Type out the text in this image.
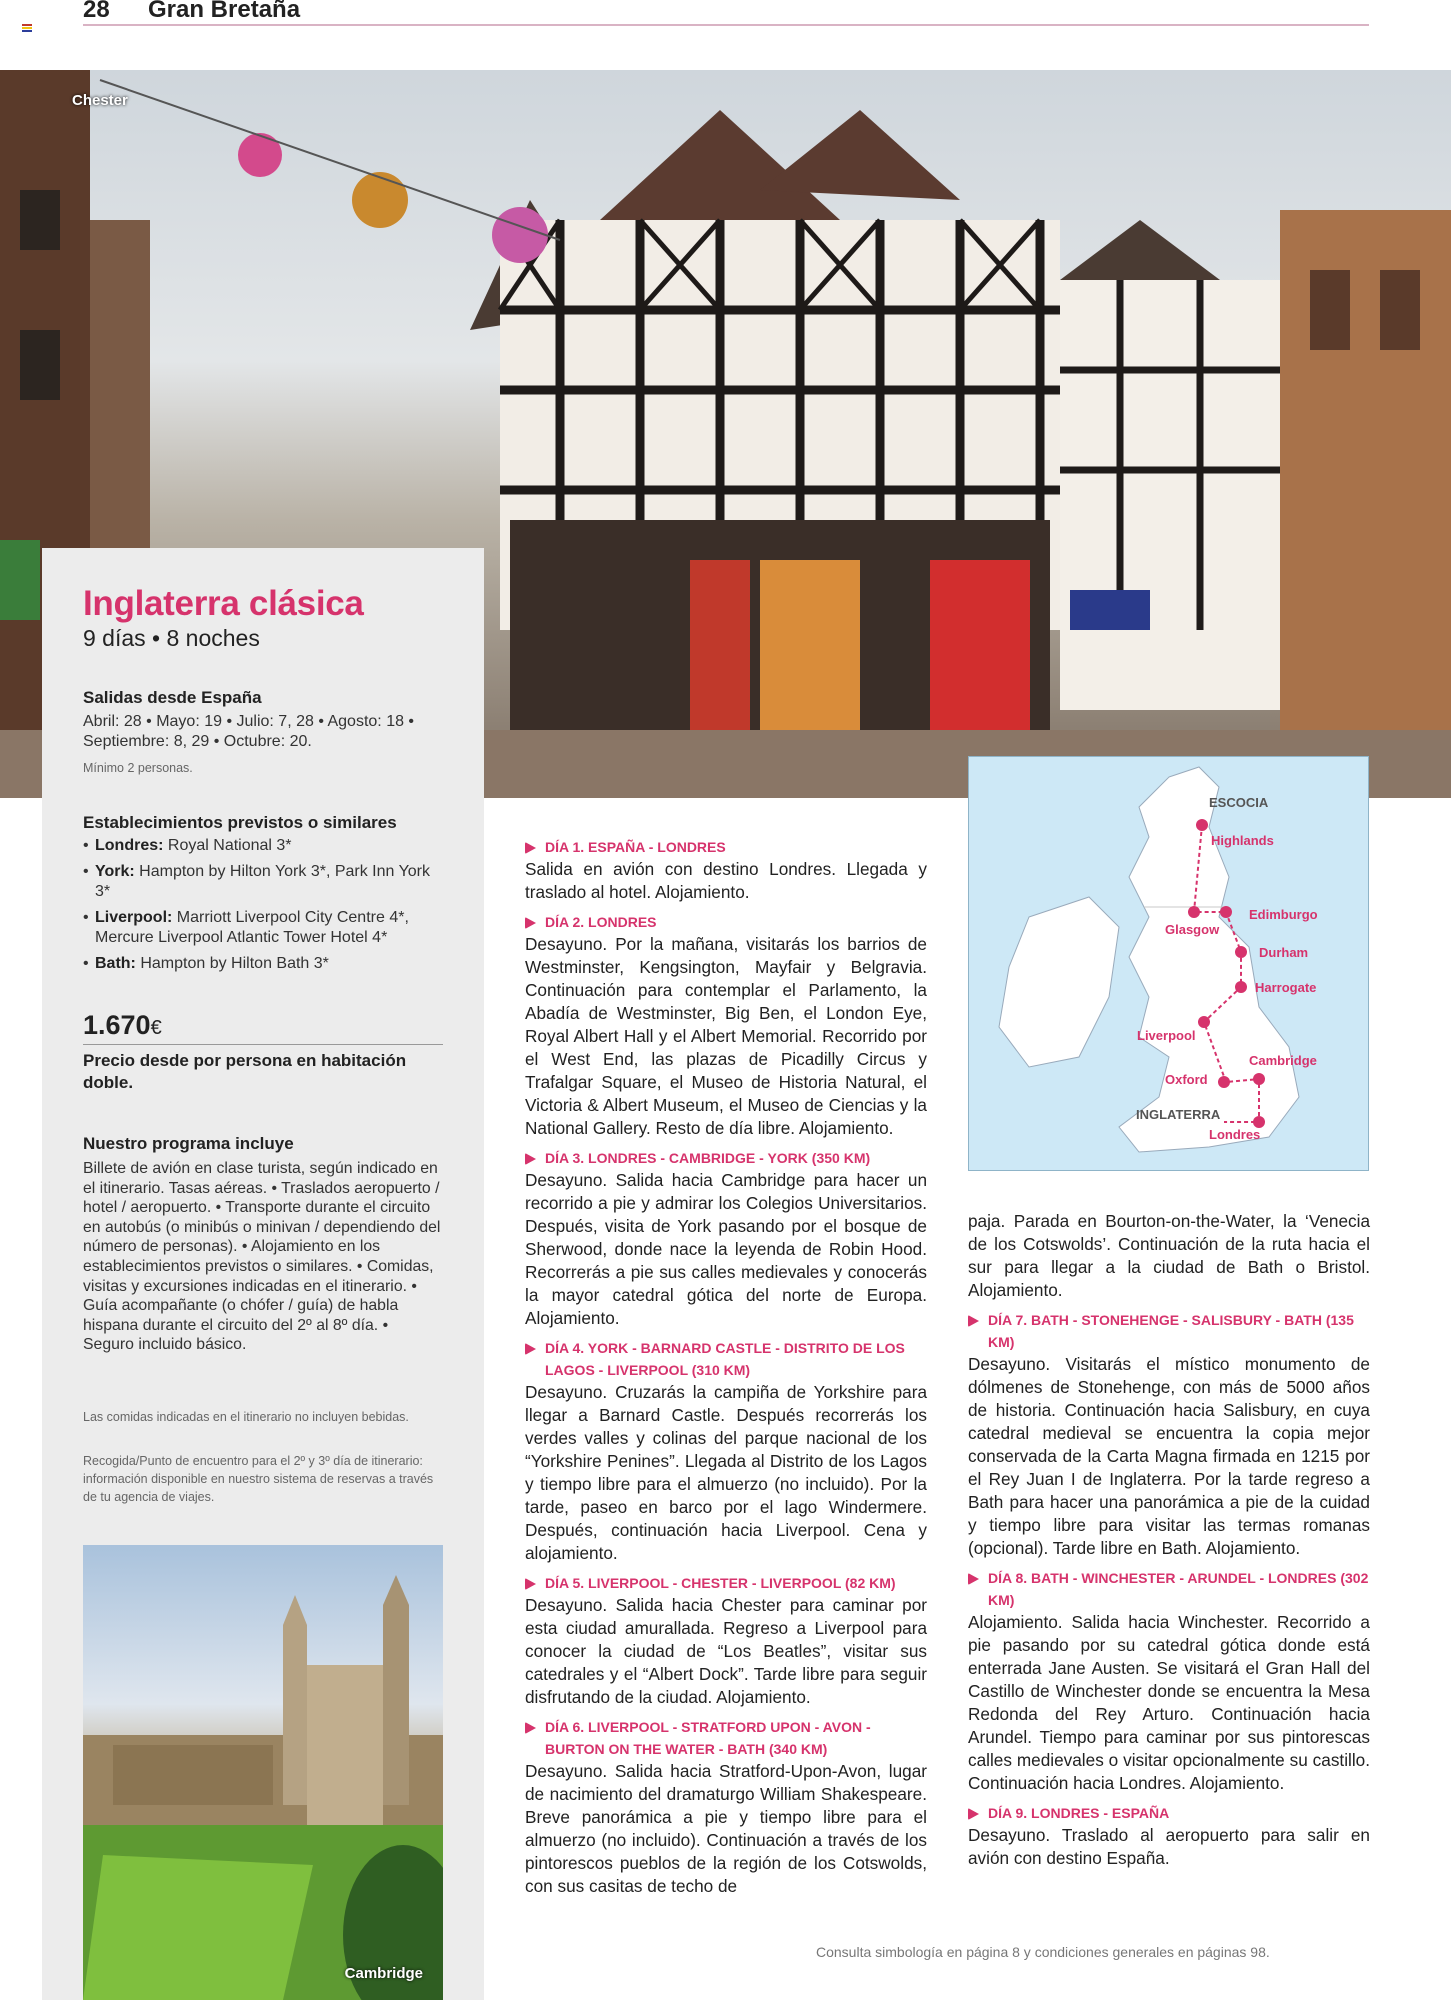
28 Gran Bretaña
Chester
Inglaterra clásica
9 días • 8 noches
Salidas desde España
Abril: 28 • Mayo: 19 • Julio: 7, 28 • Agosto: 18 • Septiembre: 8, 29 • Octubre: 20.
Mínimo 2 personas.
Establecimientos previstos o similares
• Londres: Royal National 3*
• York: Hampton by Hilton York 3*, Park Inn York 3*
• Liverpool: Marriott Liverpool City Centre 4*, Mercure Liverpool Atlantic Tower Hotel 4*
• Bath: Hampton by Hilton Bath 3*
1.670€
Precio desde por persona en habitación doble.
Nuestro programa incluye
Billete de avión en clase turista, según indicado en el itinerario. Tasas aéreas. • Traslados aeropuerto / hotel / aeropuerto. • Transporte durante el circuito en autobús (o minibús o minivan / dependiendo del número de personas). • Alojamiento en los establecimientos previstos o similares. • Comidas, visitas y excursiones indicadas en el itinerario. • Guía acompañante (o chófer / guía) de habla hispana durante el circuito del 2º al 8º día. • Seguro incluido básico.
Las comidas indicadas en el itinerario no incluyen bebidas.
Recogida/Punto de encuentro para el 2º y 3º día de itinerario: información disponible en nuestro sistema de reservas a través de tu agencia de viajes.
Cambridge
DÍA 1. ESPAÑA - LONDRES
Salida en avión con destino Londres. Llegada y traslado al hotel. Alojamiento.
DÍA 2. LONDRES
Desayuno. Por la mañana, visitarás los barrios de Westminster, Kengsington, Mayfair y Belgravia. Continuación para contemplar el Parlamento, la Abadía de Westminster, Big Ben, el London Eye, Royal Albert Hall y el Albert Memorial. Recorrido por el West End, las plazas de Picadilly Circus y Trafalgar Square, el Museo de Historia Natural, el Victoria & Albert Museum, el Museo de Ciencias y la National Gallery. Resto de día libre. Alojamiento.
DÍA 3. LONDRES - CAMBRIDGE - YORK (350 KM)
Desayuno. Salida hacia Cambridge para hacer un recorrido a pie y admirar los Colegios Universitarios. Después, visita de York pasando por el bosque de Sherwood, donde nace la leyenda de Robin Hood. Recorrerás a pie sus calles medievales y conocerás la mayor catedral gótica del norte de Europa. Alojamiento.
DÍA 4. YORK - BARNARD CASTLE - DISTRITO DE LOS LAGOS - LIVERPOOL (310 KM)
Desayuno. Cruzarás la campiña de Yorkshire para llegar a Barnard Castle. Después recorrerás los verdes valles y colinas del parque nacional de los “Yorkshire Penines”. Llegada al Distrito de los Lagos y tiempo libre para el almuerzo (no incluido). Por la tarde, paseo en barco por el lago Windermere. Después, continuación hacia Liverpool. Cena y alojamiento.
DÍA 5. LIVERPOOL - CHESTER - LIVERPOOL (82 KM)
Desayuno. Salida hacia Chester para caminar por esta ciudad amurallada. Regreso a Liverpool para conocer la ciudad de “Los Beatles”, visitar sus catedrales y el “Albert Dock”. Tarde libre para seguir disfrutando de la ciudad. Alojamiento.
DÍA 6. LIVERPOOL - STRATFORD UPON - AVON - BURTON ON THE WATER - BATH (340 KM)
Desayuno. Salida hacia Stratford-Upon-Avon, lugar de nacimiento del dramaturgo William Shakespeare. Breve panorámica a pie y tiempo libre para el almuerzo (no incluido). Continuación a través de los pintorescos pueblos de la región de los Cotswolds, con sus casitas de techo de
ESCOCIA
Highlands
Edimburgo
Glasgow
Durham
Harrogate
Liverpool
Cambridge
Oxford
INGLATERRA
Londres
paja. Parada en Bourton-on-the-Water, la ‘Venecia de los Cotswolds’. Continuación de la ruta hacia el sur para llegar a la ciudad de Bath o Bristol. Alojamiento.
DÍA 7. BATH - STONEHENGE - SALISBURY - BATH (135 KM)
Desayuno. Visitarás el místico monumento de dólmenes de Stonehenge, con más de 5000 años de historia. Continuación hacia Salisbury, en cuya catedral medieval se encuentra la copia mejor conservada de la Carta Magna firmada en 1215 por el Rey Juan I de Inglaterra. Por la tarde regreso a Bath para hacer una panorámica a pie de la cuidad y tiempo libre para visitar las termas romanas (opcional). Tarde libre en Bath. Alojamiento.
DÍA 8. BATH - WINCHESTER - ARUNDEL - LONDRES (302 KM)
Alojamiento. Salida hacia Winchester. Recorrido a pie pasando por su catedral gótica donde está enterrada Jane Austen. Se visitará el Gran Hall del Castillo de Winchester donde se encuentra la Mesa Redonda del Rey Arturo. Continuación hacia Arundel. Tiempo para caminar por sus pintorescas calles medievales o visitar opcionalmente su castillo. Continuación hacia Londres. Alojamiento.
DÍA 9. LONDRES - ESPAÑA
Desayuno. Traslado al aeropuerto para salir en avión con destino España.
Consulta simbología en página 8 y condiciones generales en páginas 98.
